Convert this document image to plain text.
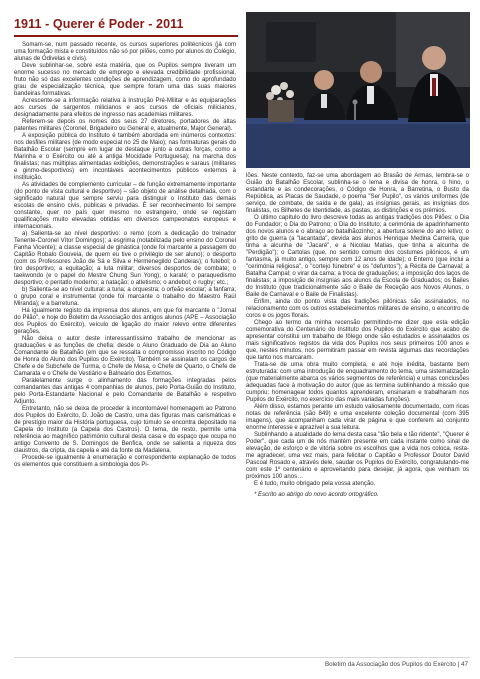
1911 - Querer é Poder - 2011

Somam-se, num passado recente, os cursos superiores politécnicos (já com uma formação mista e constituídos não só por pilões, como por alunos do Colégio, alunas de Odivelas e civis).

Deve sublinhar-se, sobre esta matéria, que os Pupilos sempre tiveram um enorme sucesso no mercado de emprego e elevada credibilidade profissional, fruto não só das excelentes condições de aprendizagem, como do aprofundado grau de especialização técnica, que sempre foram uma das suas maiores bandeiras formativas.

Acrescente-se a informação relativa à Instrução Pré-Militar e às equiparações aos cursos de sargentos milicianos e aos cursos de oficiais milicianos, designadamente para efeitos de ingresso nas academias militares.

Referem-se depois os nomes dos seus 27 diretores, portadores de altas patentes militares (Coronel, Brigadeiro ou General e, atualmente, Major General).

A exposição pública do Instituto é também abordada em inúmeros contextos: nos desfiles militares (de modo especial no 25 de Maio); nas formaturas gerais do Batalhão Escolar (sempre em lugar de destaque junto a outras forças, como a Marinha e o Exército ou até a antiga Mocidade Portuguesa); na marcha dos finalistas; nas múltiplas alimentadas exibições, demonstrações e saraus (militares e ginmo-desportivos) em incontáveis acontecimentos públicos externos à instituição.

As atividades de complemento curricular – de função extremamente importante (do ponto de vista cultural e desportivo) – são objeto de análise detalhada, com o significado natural que sempre serviu para distinguir o Instituto das demais escolas de ensino civis, públicas e privadas. É ser reconhecimento foi sempre constante, quer no país quer mesmo no estrangeiro, onde se registam qualificações muito elevadas obtidas em diversos campeonatos europeus e internacionais.

a) Salienta-se ao nível desportivo: o remo (com a dedicação do treinador Tenente-Coronel Vítor Domingos); a esgrima (notabilizada pelo ensino do Coronel Fanha Vicente); a classe especial de ginástica (onde foi marcante a passagem do Capitão Robalo Gouveia, de quem eu tive o privilégio de ser aluno); o desporto (com os Professores João de Sá e Silva e Hermenegildo Candeias); o futebol; o tiro desportivo; a equitação; a luta militar; diversos desportos de combate; o taekwondo (e o papel do Mestre Chung Sun Yong); o karaté; o paraquedismo desportivo; o pentatlo moderno; a natação; o atletismo; o andebol; o rugby; etc.;

b) Salienta-se ao nível cultural: a tuna; a orquestra; o orfeão escolar; a fanfarra; o grupo coral e instrumental (onde foi marcante o trabalho do Maestro Raúl Miranda); e a barretuna.

Há igualmente registo da imprensa dos alunos, em que foi marcante o "Jornal do Pilão", e hoje do Boletim da Associação dos antigos alunos (APE – Associação dos Pupilos do Exército), veículo de ligação do maior relevo entre diferentes gerações.

Não deixa o autor deste interessantíssimo trabalho de mencionar as graduações e as funções de chefia: desde o Aluno Graduado de Dia ao Aluno Comandante de Batalhão (em que se ressalta o compromisso inscrito no Código de Honra do Aluno dos Pupilos do Exército). Também se assinalam os cargos de Chefe e de Subchefe de Turma, o Chefe de Mesa, o Chefe de Quarto, o Chefe de Camarata e o Chefe de Vestiário e Balneário dos Externos.

Paralelamente surge o alinhamento das formações integradas pelos comandantes das antigas 4 companhias de alunos, pelo Porta-Guião do Instituto, pelo Porta-Estandarte Nacional e pelo Comandante de Batalhão e respetivo Adjunto.

Entretanto, não se deixa de proceder à incontornável homenagem ao Patrono dos Pupilos do Exército, D. João de Castro, uma das figuras mais carismáticas e de prestígio maior da História portuguesa, cujo túmulo se encontra depositado na Capela do Instituto (a Capela dos Castros). O tema, de resto, permite uma referência ao magnífico património cultural desta casa e do espaço que ocupa no antigo Convento de S. Domingos de Benfica, onde se salienta a riqueza dos claustros, da cripta, da capela e até da fonte da Madalena.

Procede-se igualmente à enumeração e correspondente explanação de todos os elementos que constituem a simbologia dos Pi-

lões. Neste contexto, faz-se uma abordagem ao Brasão de Armas, lembra-se o Guião do Batalhão Escolar, sublinha-se o lema e divisa de honra, o hino, o estandarte e as condecorações, o Código de Honra, a Barretina, o Busto da República, as Placas de Saudade, o poema "Ser Pupilo", os vários uniformes (de serviço, de combate, de saída e de gala), as insígnias gerais, as insígnias dos finalistas, os Bilhetes de Identidade, as pastas, as distinções e os prémios.

O último capítulo do livro descreve todas as antigas tradições dos Pilões: o Dia do Fundador; o Dia do Patrono; o Dia do Instituto; a cerimónia de apadrinhamento dos novos alunos e o abraço ao batalhãozinho; a abertura solene do ano letivo; o grito de guerra (a "lacantada", devida aos alunos Henrique Medina Carreira, que tinha a alcunha de "Jacaré", e a Nicolau Matias, que tinha a alcunha de "Perdigão"); o Cartolas (que, no sentido comum dos costumes pilónicos, é um fantasma, já muito antigo, sempre com 12 anos de idade); o Enterro (que inclui a "cerimónia religiosa", o "cortejo fúnebre" e os "defuntos"); a Récita de Carnaval; a Batalha Campal; o virar da cama; a troca de graduações; a imposição dos laços de finalistas; a imposição de insígnias aos alunos da Escola de Graduados; os Bailes do Instituto (que tradicionalmente são o Baile de Receção aos Novos Alunos, o Baile de Carnaval e o Baile de Finalistas).

Enfim, ainda do ponto vista das tradições pilónicas são assinalados, no relacionamento com os outros estabelecimentos militares de ensino, o encontro de coros e os jogos florais.

Chego ao termo da minha recensão permitindo-me dizer que esta edição comemorativa do Centenário do Instituto dos Pupilos do Exército que acabo de apresentar constitui um trabalho de fôlego onde são estudados e assinalados os mais significativos registos da vida dos Pupilos nos seus primeiros 100 anos e que, nestes minutos, nos permitiram passar em revista algumas das recordações que tanto nos marcaram.

Trata-se de uma obra muito completa, e até hoje inédita, bastante bem estruturada: com uma introdução de enquadramento do tema, uma sistematização (que materialmente abarca os vários segmentos de referência) e umas conclusões adequadas face à motivação do autor (que as termina sublinhando a missão que cumpriu: homenagear todos quantos aprenderam, ensinaram e trabalharam nos Pupilos do Exército, no exercício das mais variadas funções).

Além disso, estamos perante um estudo valiosamente documentado, com ricas notas de referência (são 849) e uma excelente coleção documental (com 395 imagens), que acompanham cada virar de página e que conferem ao conjunto enorme interesse e aprazível a sua leitura.

Sublinhando a atualidade do lema desta casa "tão bela e tão ridente", "Querer é Poder", que cada um de nós mantém presente em cada instante como sinal de elevação, de esforço e de vitória sobre os escolhos que a vida nos coloca, resta-me agradecer, uma vez mais, para felicitar o Capitão e Professor Doutor David Pascoal Rosado e, através dele, saudar os Pupilos do Exército, congratulando-me com este 1º centenário e aproveitando para desejar, já agora, que venham os próximos 100 anos…

E é tudo, muito obrigado pela vossa atenção.

* Escrito ao abrigo do novo acordo ortográfico.

Boletim da Associação dos Pupilos do Exército | 47
